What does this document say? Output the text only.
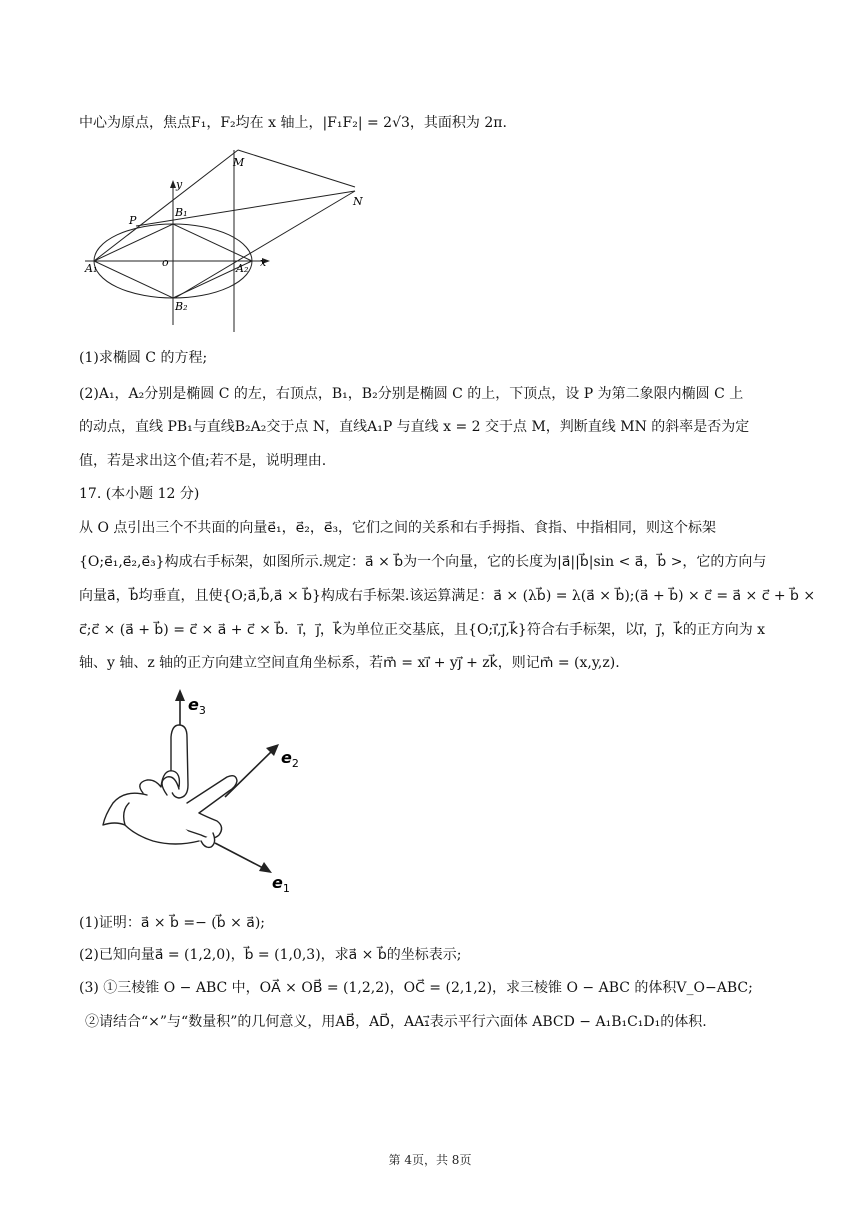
中心为原点，焦点F₁，F₂均在 x 轴上，|F₁F₂| = 2√3，其面积为 2π.
M
N
P
y
x
B₁
B₂
A₁	A₂
o
(1)求椭圆 C 的方程;
(2)A₁，A₂分别是椭圆 C 的左，右顶点，B₁，B₂分别是椭圆 C 的上，下顶点，设 P 为第二象限内椭圆 C 上
的动点，直线 PB₁与直线B₂A₂交于点 N，直线A₁P 与直线 x = 2 交于点 M，判断直线 MN 的斜率是否为定
值，若是求出这个值;若不是，说明理由.
17. (本小题 12 分)
从 O 点引出三个不共面的向量e⃗₁，e⃗₂，e⃗₃，它们之间的关系和右手拇指、食指、中指相同，则这个标架
{O;e⃗₁,e⃗₂,e⃗₃}构成右手标架，如图所示.规定：a⃗ × b⃗为一个向量，它的长度为|a⃗||b⃗|sin < a⃗，b⃗ >，它的方向与
向量a⃗，b⃗均垂直，且使{O;a⃗,b⃗,a⃗ × b⃗}构成右手标架.该运算满足：a⃗ × (λb⃗) = λ(a⃗ × b⃗);(a⃗ + b⃗) × c⃗ = a⃗ × c⃗ + b⃗ ×
c⃗;c⃗ × (a⃗ + b⃗) = c⃗ × a⃗ + c⃗ × b⃗．i⃗，j⃗，k⃗为单位正交基底，且{O;i⃗,j⃗,k⃗}符合右手标架，以i⃗，j⃗，k⃗的正方向为 x
轴、y 轴、z 轴的正方向建立空间直角坐标系，若m⃗ = xi⃗ + yj⃗ + zk⃗，则记m⃗ = (x,y,z).
$e_3$
$e_2$
$e_1$
(1)证明：a⃗ × b⃗ =− (b⃗ × a⃗);
(2)已知向量a⃗ = (1,2,0)，b⃗ = (1,0,3)，求a⃗ × b⃗的坐标表示;
(3) ①三棱锥 O − ABC 中，OA⃗ × OB⃗ = (1,2,2)，OC⃗ = (2,1,2)，求三棱锥 O − ABC 的体积V_O−ABC;
②请结合“×”与“数量积”的几何意义，用AB⃗，AD⃗，AA₁⃗表示平行六面体 ABCD − A₁B₁C₁D₁的体积.
第 4页，共 8页
